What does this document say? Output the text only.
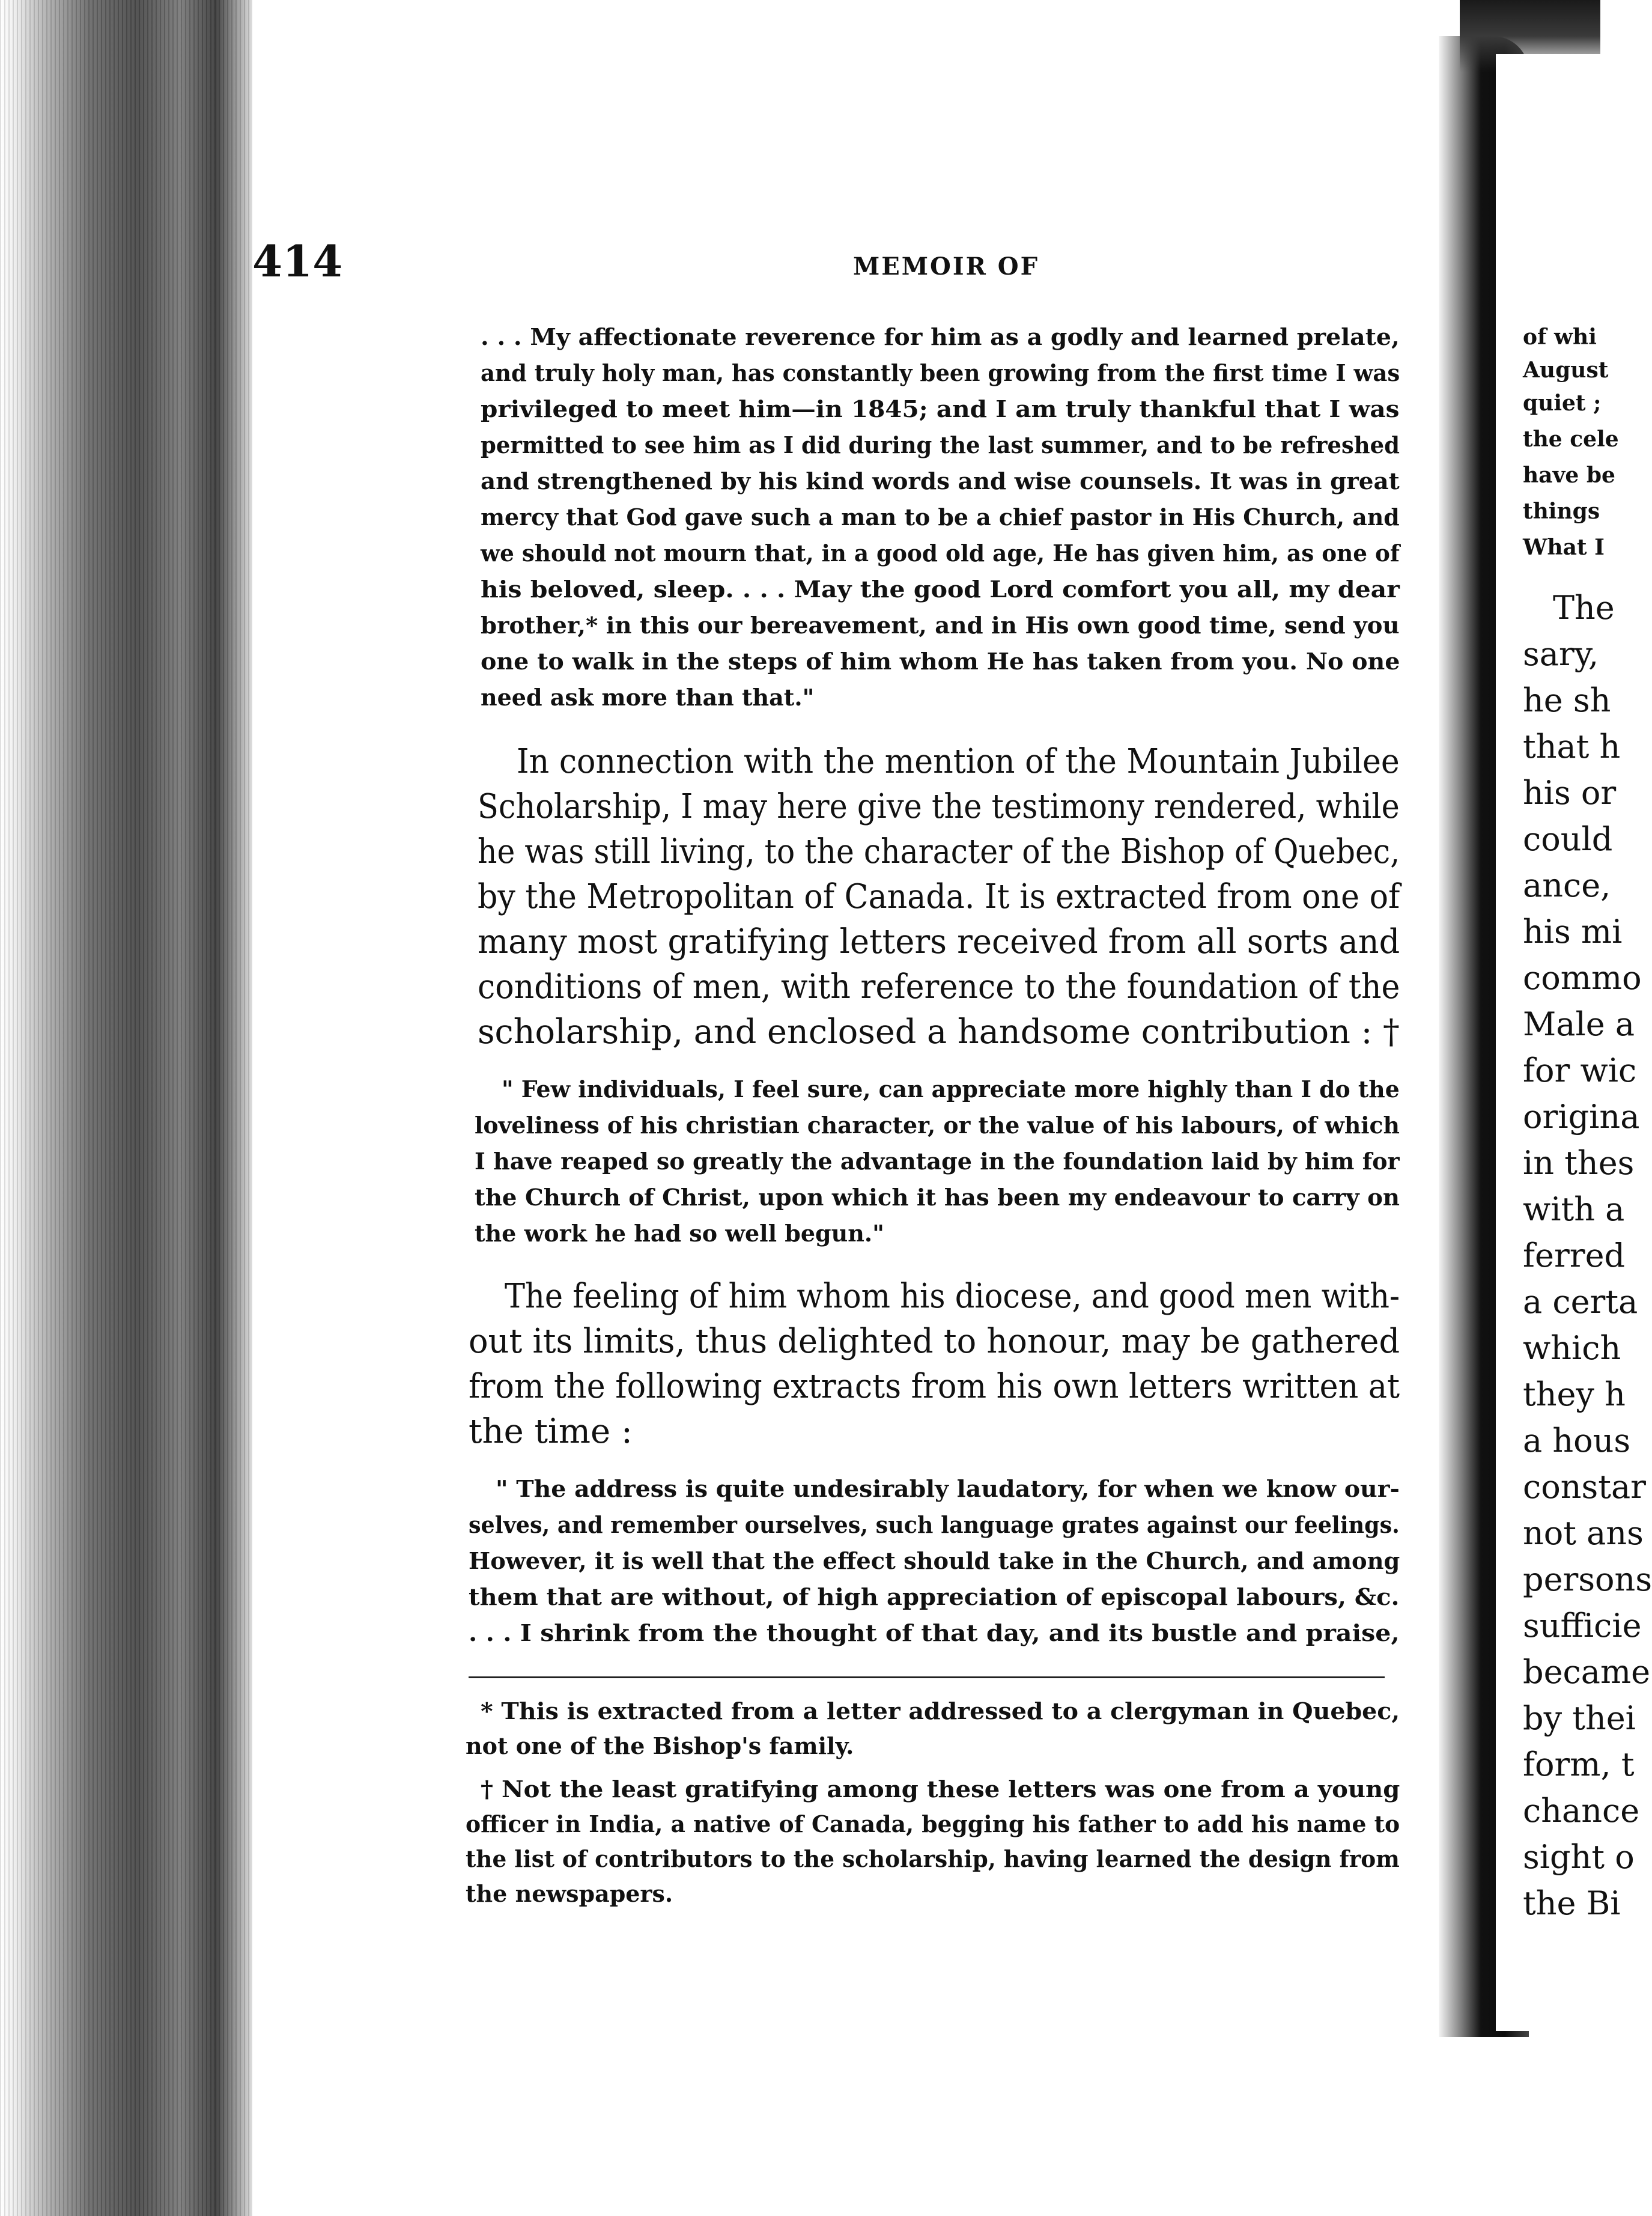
414	MEMOIR OF
. . . My affectionate reverence for him as a godly and learned prelate,
and truly holy man, has constantly been growing from the first time I was
privileged to meet him—in 1845; and I am truly thankful that I was
permitted to see him as I did during the last summer, and to be refreshed
and strengthened by his kind words and wise counsels. It was in great
mercy that God gave such a man to be a chief pastor in His Church, and
we should not mourn that, in a good old age, He has given him, as one of
his beloved, sleep. . . . May the good Lord comfort you all, my dear
brother,* in this our bereavement, and in His own good time, send you
one to walk in the steps of him whom He has taken from you. No one
need ask more than that."
In connection with the mention of the Mountain Jubilee
Scholarship, I may here give the testimony rendered, while
he was still living, to the character of the Bishop of Quebec,
by the Metropolitan of Canada. It is extracted from one of
many most gratifying letters received from all sorts and
conditions of men, with reference to the foundation of the
scholarship, and enclosed a handsome contribution : †
" Few individuals, I feel sure, can appreciate more highly than I do the
loveliness of his christian character, or the value of his labours, of which
I have reaped so greatly the advantage in the foundation laid by him for
the Church of Christ, upon which it has been my endeavour to carry on
the work he had so well begun."
The feeling of him whom his diocese, and good men with-
out its limits, thus delighted to honour, may be gathered
from the following extracts from his own letters written at
the time :
" The address is quite undesirably laudatory, for when we know our-
selves, and remember ourselves, such language grates against our feelings.
However, it is well that the effect should take in the Church, and among
them that are without, of high appreciation of episcopal labours, &c.
. . . I shrink from the thought of that day, and its bustle and praise,
* This is extracted from a letter addressed to a clergyman in Quebec,
not one of the Bishop's family.
† Not the least gratifying among these letters was one from a young
officer in India, a native of Canada, begging his father to add his name to
the list of contributors to the scholarship, having learned the design from
the newspapers.
of whi
August
quiet ;
the cele
have be
things
What I
The
sary,
he sh
that h
his or
could
ance,
his mi
commo
Male a
for wic
origina
in thes
with a
ferred
a certa
which
they h
a hous
constar
not ans
persons
sufficie
became
by thei
form, t
chance
sight o
the Bi
